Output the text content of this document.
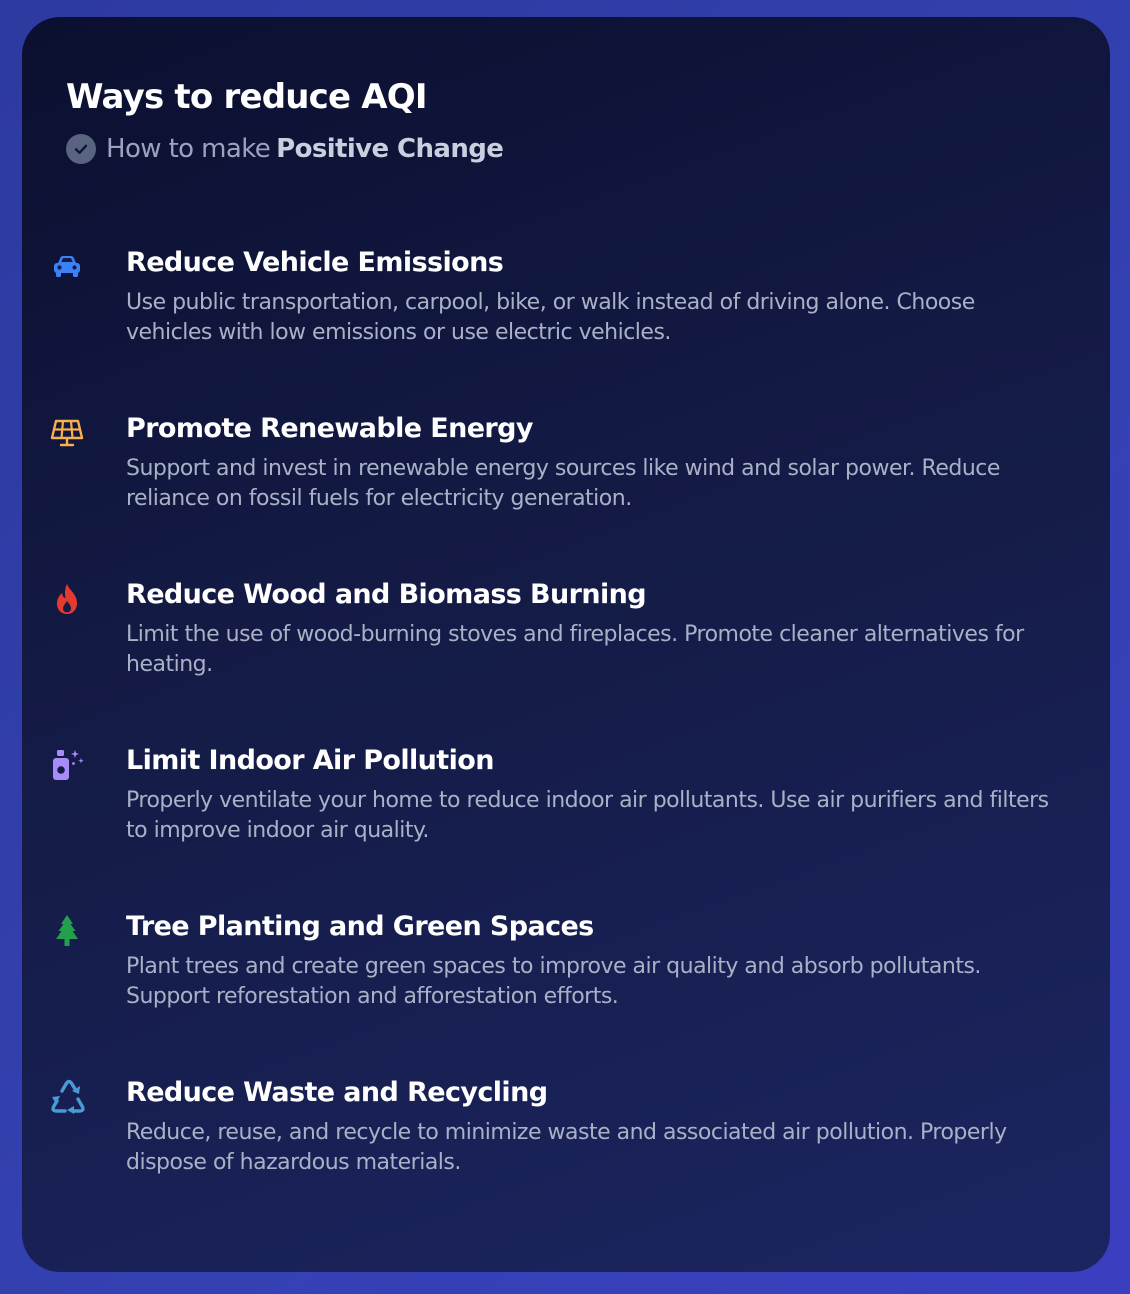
Ways to reduce AQI
How to make Positive Change
Reduce Vehicle Emissions

Use public transportation, carpool, bike, or walk instead of driving alone. Choose vehicles with low emissions or use electric vehicles.

Promote Renewable Energy

Support and invest in renewable energy sources like wind and solar power. Reduce reliance on fossil fuels for electricity generation.

Reduce Wood and Biomass Burning

Limit the use of wood-burning stoves and fireplaces. Promote cleaner alternatives for heating.

Limit Indoor Air Pollution

Properly ventilate your home to reduce indoor air pollutants. Use air purifiers and filters to improve indoor air quality.

Tree Planting and Green Spaces

Plant trees and create green spaces to improve air quality and absorb pollutants. Support reforestation and afforestation efforts.

Reduce Waste and Recycling

Reduce, reuse, and recycle to minimize waste and associated air pollution. Properly dispose of hazardous materials.
